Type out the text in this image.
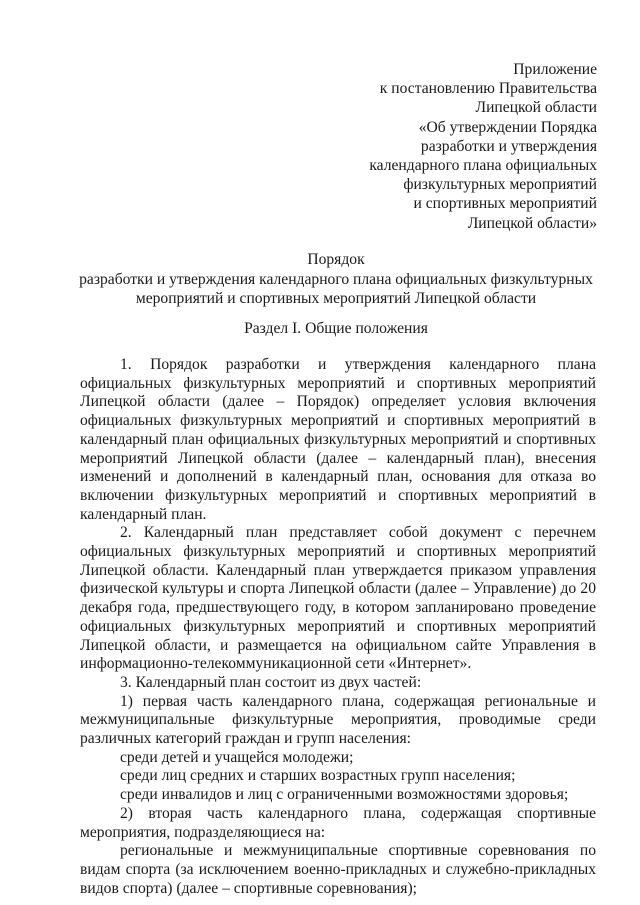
Приложение
к постановлению Правительства
Липецкой области
«Об утверждении Порядка
разработки и утверждения
календарного плана официальных
физкультурных мероприятий
и спортивных мероприятий
Липецкой области»
Порядок
разработки и утверждения календарного плана официальных физкультурных
мероприятий и спортивных мероприятий Липецкой области
Раздел I. Общие положения

1. Порядок разработки и утверждения календарного плана официальных физкультурных мероприятий и спортивных мероприятий Липецкой области (далее – Порядок) определяет условия включения официальных физкультурных мероприятий и спортивных мероприятий в календарный план официальных физкультурных мероприятий и спортивных мероприятий Липецкой области (далее – календарный план), внесения изменений и дополнений в календарный план, основания для отказа во включении физкультурных мероприятий и спортивных мероприятий в календарный план.

2. Календарный план представляет собой документ с перечнем официальных физкультурных мероприятий и спортивных мероприятий Липецкой области. Календарный план утверждается приказом управления физической культуры и спорта Липецкой области (далее – Управление) до 20 декабря года, предшествующего году, в котором запланировано проведение официальных физкультурных мероприятий и спортивных мероприятий Липецкой области, и размещается на официальном сайте Управления в информационно-телекоммуникационной сети «Интернет».

3. Календарный план состоит из двух частей:

1) первая часть календарного плана, содержащая региональные и межмуниципальные физкультурные мероприятия, проводимые среди различных категорий граждан и групп населения:

среди детей и учащейся молодежи;

среди лиц средних и старших возрастных групп населения;

среди инвалидов и лиц с ограниченными возможностями здоровья;

2) вторая часть календарного плана, содержащая спортивные мероприятия, подразделяющиеся на:

региональные и межмуниципальные спортивные соревнования по видам спорта (за исключением военно-прикладных и служебно-прикладных видов спорта) (далее – спортивные соревнования);
